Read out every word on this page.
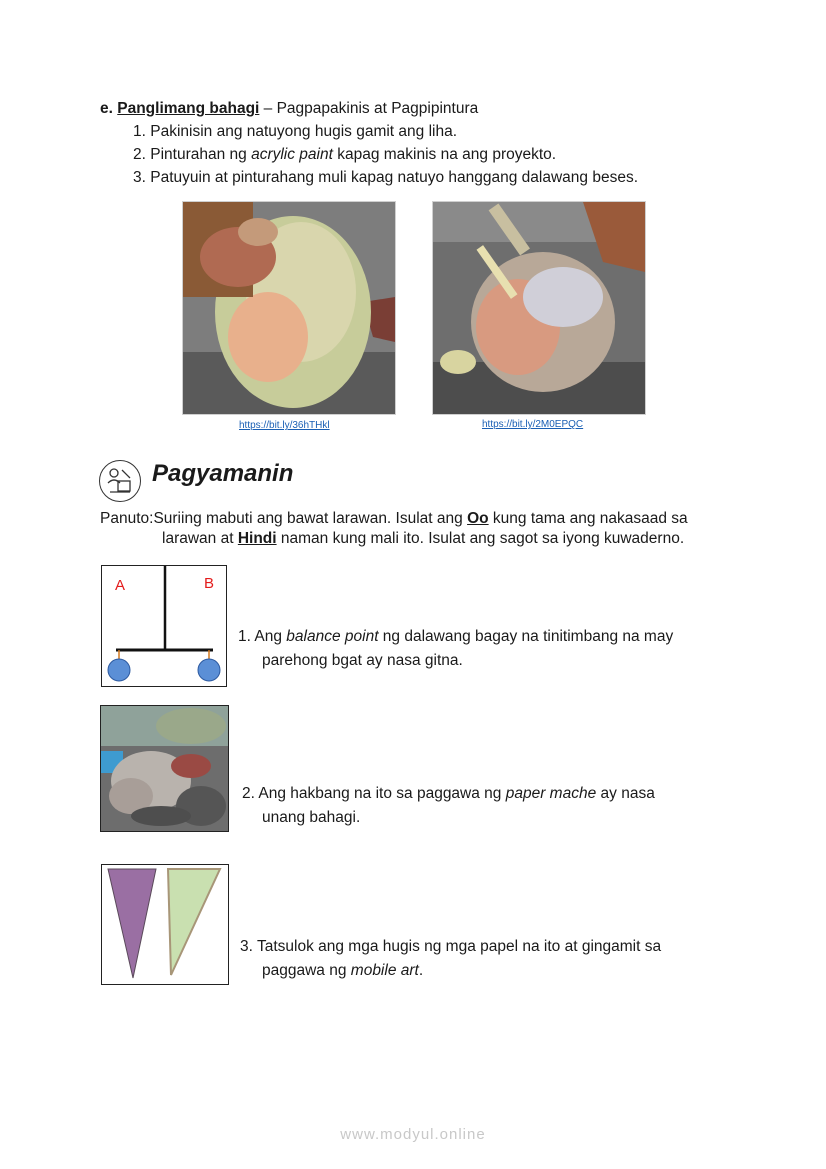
e. Panglimang bahagi – Pagpapakinis at Pagpipintura
1. Pakinisin ang natuyong hugis gamit ang liha.
2. Pinturahan ng acrylic paint kapag makinis na ang proyekto.
3. Patuyuin at pinturahang muli kapag natuyo hanggang dalawang beses.
https://bit.ly/36hTHkl	https://bit.ly/2M0EPQC
Pagyamanin
Panuto:Suriing mabuti ang bawat larawan. Isulat ang Oo kung tama ang nakasaad sa
larawan at Hindi naman kung mali ito. Isulat ang sagot sa iyong kuwaderno.
A	B
1. Ang balance point ng dalawang bagay na tinitimbang na may
parehong bgat ay nasa gitna.
2. Ang hakbang na ito sa paggawa ng paper mache ay nasa
unang bahagi.
3. Tatsulok ang mga hugis ng mga papel na ito at gingamit sa
paggawa ng mobile art.
www.modyul.online
